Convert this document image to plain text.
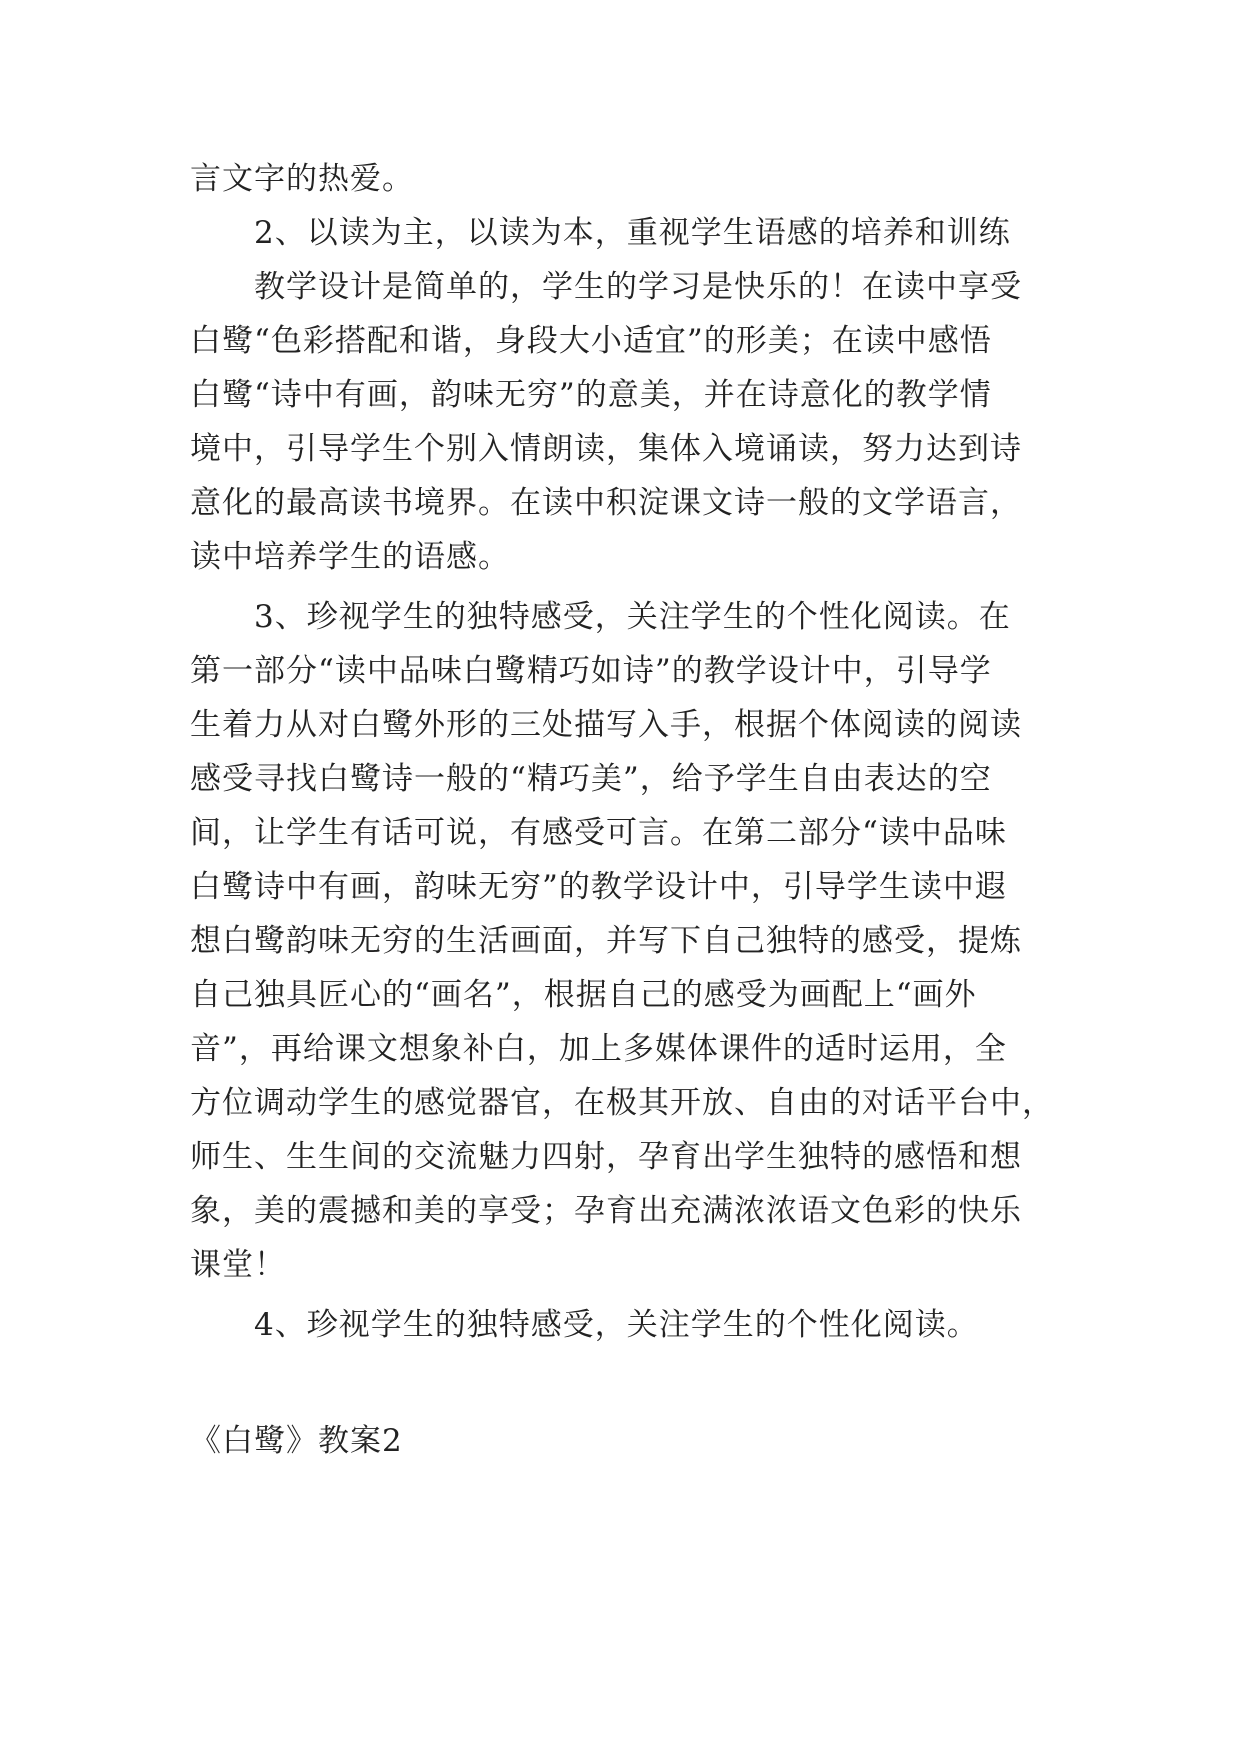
言文字的热爱。
　　2、以读为主，以读为本，重视学生语感的培养和训练
　　教学设计是简单的，学生的学习是快乐的！在读中享受
白鹭“色彩搭配和谐，身段大小适宜”的形美；在读中感悟
白鹭“诗中有画，韵味无穷”的意美，并在诗意化的教学情
境中，引导学生个别入情朗读，集体入境诵读，努力达到诗
意化的最高读书境界。在读中积淀课文诗一般的文学语言，
读中培养学生的语感。
　　3、珍视学生的独特感受，关注学生的个性化阅读。在
第一部分“读中品味白鹭精巧如诗”的教学设计中，引导学
生着力从对白鹭外形的三处描写入手，根据个体阅读的阅读
感受寻找白鹭诗一般的“精巧美”，给予学生自由表达的空
间，让学生有话可说，有感受可言。在第二部分“读中品味
白鹭诗中有画，韵味无穷”的教学设计中，引导学生读中遐
想白鹭韵味无穷的生活画面，并写下自己独特的感受，提炼
自己独具匠心的“画名”，根据自己的感受为画配上“画外
音”，再给课文想象补白，加上多媒体课件的适时运用，全
方位调动学生的感觉器官，在极其开放、自由的对话平台中，
师生、生生间的交流魅力四射，孕育出学生独特的感悟和想
象，美的震撼和美的享受；孕育出充满浓浓语文色彩的快乐
课堂！
　　4、珍视学生的独特感受，关注学生的个性化阅读。
《白鹭》教案2
